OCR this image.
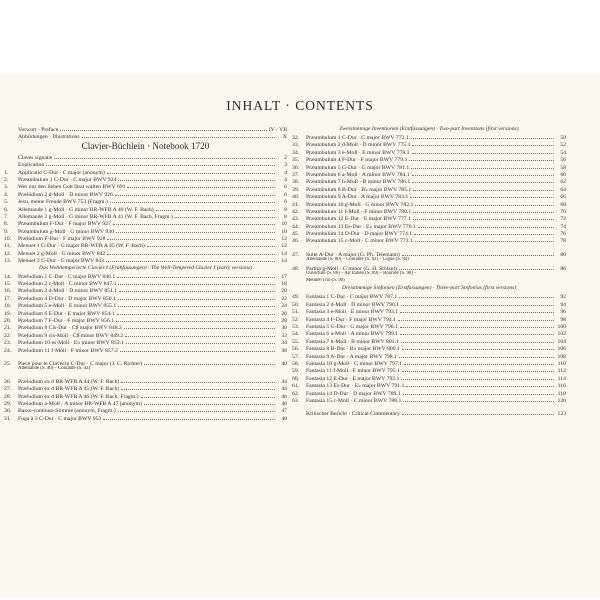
INHALT · CONTENTS
Vorwort · Preface	IV / VII
Abbildungen · Illustrations	X
Clavier-Büchlein · Notebook 1720
Claves signatæ	2
Explication	3
1.	Applicatio C-Dur · C major (anonym)	4
2.	Præambulum 1 C-Dur · C major BWV 924	4
3.	Wer nur den lieben Gott lässt walten BWV 691	6
4.	Prælúdium 2 d-Moll · D minor BWV 926	6
5.	Jesu, meine Freude BWV 753 (Fragm.)	6
6.	Allemande 1 g-Moll · G minor BR-WFB A 40 (W. F. Bach)	8
7.	Allemande 2 g-Moll · G minor BR-WFB A 41 (W. F. Bach, Fragm.)	8
8.	Præambulum F-Dur · F major BWV 927	10
9.	Præambulum g-Moll · G minor BWV 930	10
10.	Prælúdium F-Dur · F major BWV 928	12
11.	Menuet 1 G-Dur · G major BR-WFB A 45 (W. F. Bach)	12
12.	Menuet 2 g-Moll · G minor BWV 842	14
13.	Menuet 3 G-Dur · G major BWV 843	14
Das Wohltemperierte Clavier I (Frühfassungen) · The Well-Tempered Clavier I (early versions)
14.	Præludium 1 C-Dur · C major BWV 846.1	17
15.	Præludium 2 c-Moll · C minor BWV 847.1	18
16.	Præludium 3 d-Moll · D minor BWV 851.1	20
17.	Præludium 4 D-Dur · D major BWV 850.1	22
18.	Præludium 5 e-Moll · E minor BWV 855.1	24
19.	Præludium 6 E-Dur · E major BWV 854.1	26
20.	Præludium 7 F-Dur · F major BWV 856.1	28
21.	Præludium 8 Cis-Dur · C♯ major BWV 848.2	30
22.	Præludium 9 cis-Moll · C♯ minor BWV 849.2	33
23.	Præludium 10 es-Moll · E♭ minor BWV 853.1	34
24.	Præludium 11 f-Moll · F minor BWV 857.2	38
25.	Piece pour le Clavecin C-Dur · C major (J. C. Richter)	40
Allemande (S. 40) – Courante (S. 42)
26.	Præludium ex d BR-WFB A 44 (W. F. Bach)	44
27.	Præludium ex d BR-WFB A 45 (W. F. Bach)	44
28.	Præludium ex d BR-WFB A 46 (W. F. Bach, Fragm.)	46
29.	Præludium a-Moll · A minor BR-WFB A 47 (anonym)	46
30.	Basso-continuo-Stimme (anonym, Fragm.)	47
31.	Fuga à 3 C-Dur · C major BWV 953	48
Zweistimmige Inventionen (Erstfassungen) · Two-part Inventions (first versions)
32.	Præambulum 1 C-Dur · C major BWV 772.1	50
33.	Præambulum 2 d-Moll · D minor BWV 775.1	52
34.	Præambulum 3 e-Moll · E minor BWV 778.1	54
35.	Præambulum 4 F-Dur · F major BWV 779.1	56
36.	Præambulum 5 G-Dur · G major BWV 781.1	58
37.	Præambulum 6 a-Moll · A minor BWV 784.1	60
38.	Præambulum 7 h-Moll · B minor BWV 786.1	62
39.	Præambulum 8 B-Dur · B♭ major BWV 785.1	64
40.	Præambulum 9 A-Dur · A major BWV 783.1	66
41.	Præambulum 10 g-Moll · G minor BWV 782.1	68
42.	Præambulum 11 f-Moll · F minor BWV 780.1	70
43.	Præambulum 12 E-Dur · E major BWV 777.1	72
44.	Præambulum 13 Es-Dur · E♭ major BWV 776.1	74
45.	Præambulum 14 D-Dur · D major BWV 774.1	76
46.	Præambulum 15 c-Moll · C minor BWV 773.1	78
47.	Suite A-Dur · A major (G. Ph. Telemann)	80
Allemande (S. 80) – Courante (S. 82) – Gigue (S. 84)
48.	Partita g-Moll · G minor (G. H. Stölzel)	86
Ouverture (S. 86) – Air Italien (S. 89) – Bourrée (S. 90) –
Menuet-Trio (S. 90)
Dreistimmige Sinfonien (Erstfassungen) · Three-part Sinfonias (first versions)
49.	Fantasia 1 C-Dur · C major BWV 787.1	92
50.	Fantasia 2 d-Moll · D minor BWV 790.1	94
51.	Fantasia 3 e-Moll · E minor BWV 793.1	96
52.	Fantasia 4 F-Dur · F major BWV 794.1	98
53.	Fantasia 5 G-Dur · G major BWV 796.1	100
54.	Fantasia 6 a-Moll · A minor BWV 799.1	102
55.	Fantasia 7 h-Moll · B minor BWV 801.1	104
56.	Fantasia 8 B-Dur · B♭ major BWV 800.1	106
57.	Fantasia 9 A-Dur · A major BWV 798.1	108
58.	Fantasia 10 g-Moll · G minor BWV 797.1	110
59.	Fantasia 11 f-Moll · F minor BWV 795.1	112
60.	Fantasia 12 E-Dur · E major BWV 792.1	114
61.	Fantasia 13 Es-Dur · E♭ major BWV 791.1	116
62.	Fantasia 14 D-Dur · D major BWV 789.1	118
63.	Fantasia 15 c-Moll · C minor BWV 788.1	120
Kritischer Bericht · Critical Commentary	123
